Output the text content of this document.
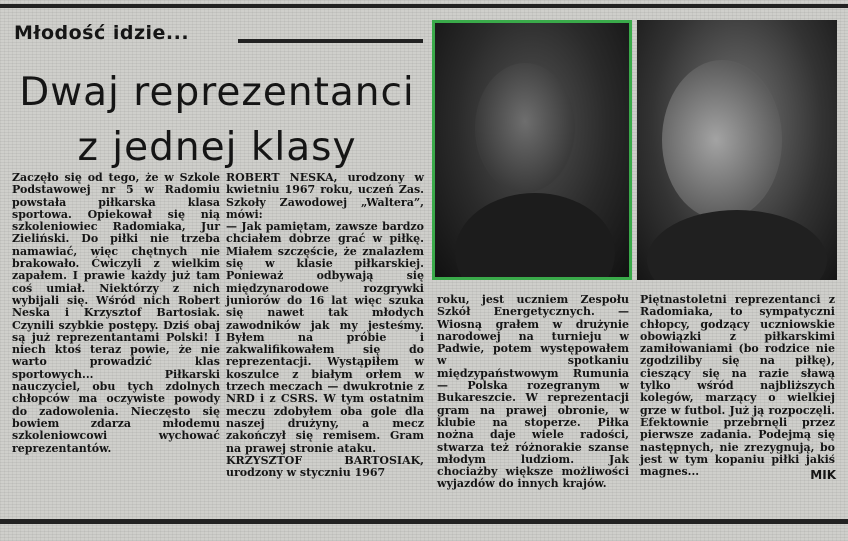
Młodość idzie...
Dwaj reprezentanci
z jednej klasy

Zaczęło się od tego, że w Szkole Podstawowej nr 5 w Radomiu powstała piłkarska klasa sportowa. Opiekował się nią szkoleniowiec Radomiaka, Jur Zieliński. Do piłki nie trzeba namawiać, więc chętnych nie brakowało. Ćwiczyli z wielkim zapałem. I prawie każdy już tam coś umiał. Niektórzy z nich wybijali się. Wśród nich Robert Neska i Krzysztof Bartosiak. Czynili szybkie postępy. Dziś obaj są już reprezentantami Polski! I niech ktoś teraz powie, że nie warto prowadzić klas sportowych... Piłkarski nauczyciel, obu tych zdolnych chłopców ma oczywiste powody do zadowolenia. Nieczęsto się bowiem zdarza młodemu szkoleniowcowi wychować reprezentantów.

ROBERT NESKA, urodzony w kwietniu 1967 roku, uczeń Zas. Szkoły Zawodowej „Waltera”, mówi:

— Jak pamiętam, zawsze bardzo chciałem dobrze grać w piłkę. Miałem szczęście, że znalazłem się w klasie piłkarskiej. Ponieważ odbywają się międzynarodowe rozgrywki juniorów do 16 lat więc szuka się nawet tak młodych zawodników jak my jesteśmy. Byłem na próbie i zakwalifikowałem się do reprezentacji. Wystąpiłem w koszulce z białym orłem w trzech meczach — dwukrotnie z NRD i z CSRS. W tym ostatnim meczu zdobyłem oba gole dla naszej drużyny, a mecz zakończył się remisem. Gram na prawej stronie ataku.

KRZYSZTOF BARTOSIAK, urodzony w styczniu 1967

roku, jest uczniem Zespołu Szkół Energetycznych. — Wiosną grałem w drużynie narodowej na turnieju w Padwie, potem występowałem w spotkaniu międzypaństwowym Rumunia — Polska rozegranym w Bukareszcie. W reprezentacji gram na prawej obronie, w klubie na stoperze. Piłka nożna daje wiele radości, stwarza też różnorakie szanse młodym ludziom. Jak chociażby większe możliwości wyjazdów do innych krajów.

Piętnastoletni reprezentanci z Radomiaka, to sympatyczni chłopcy, godzący uczniowskie obowiązki z piłkarskimi zamiłowaniami (bo rodzice nie zgodziliby się na piłkę), cieszący się na razie sławą tylko wśród najbliższych kolegów, marzący o wielkiej grze w futbol. Już ją rozpoczęli. Efektownie przebrnęli przez pierwsze zadania. Podejmą się następnych, nie zrezygnują, bo jest w tym kopaniu piłki jakiś magnes...	MIK
